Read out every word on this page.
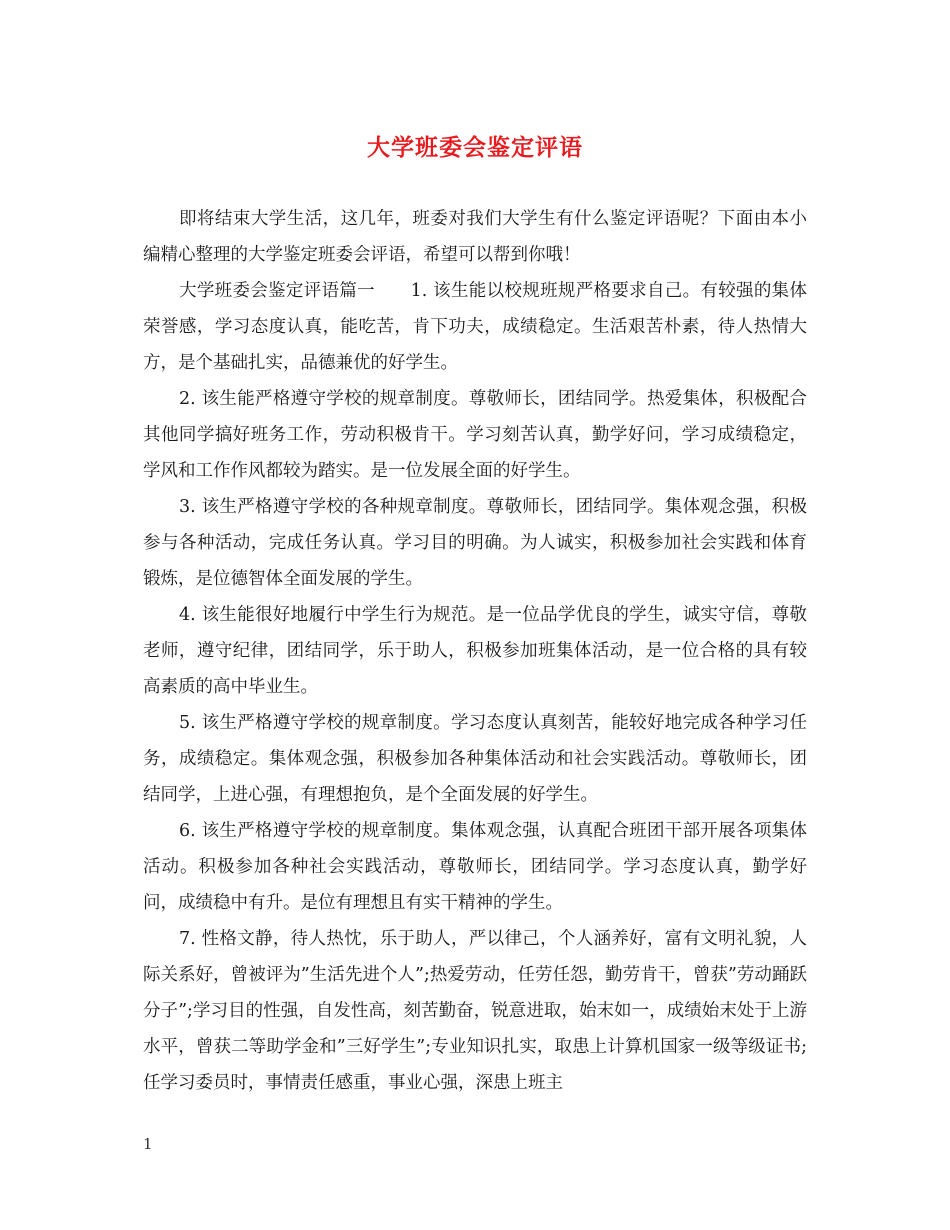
大学班委会鉴定评语

即将结束大学生活，这几年，班委对我们大学生有什么鉴定评语呢？下面由本小编精心整理的大学鉴定班委会评语，希望可以帮到你哦！

大学班委会鉴定评语篇一　　1. 该生能以校规班规严格要求自己。有较强的集体荣誉感，学习态度认真，能吃苦，肯下功夫，成绩稳定。生活艰苦朴素，待人热情大方，是个基础扎实，品德兼优的好学生。

2. 该生能严格遵守学校的规章制度。尊敬师长，团结同学。热爱集体，积极配合其他同学搞好班务工作，劳动积极肯干。学习刻苦认真，勤学好问，学习成绩稳定，学风和工作作风都较为踏实。是一位发展全面的好学生。

3. 该生严格遵守学校的各种规章制度。尊敬师长，团结同学。集体观念强，积极参与各种活动，完成任务认真。学习目的明确。为人诚实，积极参加社会实践和体育锻炼，是位德智体全面发展的学生。

4. 该生能很好地履行中学生行为规范。是一位品学优良的学生，诚实守信，尊敬老师，遵守纪律，团结同学，乐于助人，积极参加班集体活动，是一位合格的具有较高素质的高中毕业生。

5. 该生严格遵守学校的规章制度。学习态度认真刻苦，能较好地完成各种学习任务，成绩稳定。集体观念强，积极参加各种集体活动和社会实践活动。尊敬师长，团结同学，上进心强，有理想抱负，是个全面发展的好学生。

6. 该生严格遵守学校的规章制度。集体观念强，认真配合班团干部开展各项集体活动。积极参加各种社会实践活动，尊敬师长，团结同学。学习态度认真，勤学好问，成绩稳中有升。是位有理想且有实干精神的学生。

7. 性格文静，待人热忱，乐于助人，严以律己，个人涵养好，富有文明礼貌，人际关系好，曾被评为”生活先进个人”;热爱劳动，任劳任怨，勤劳肯干，曾获”劳动踊跃分子”;学习目的性强，自发性高，刻苦勤奋，锐意进取，始末如一，成绩始末处于上游水平，曾获二等助学金和”三好学生”;专业知识扎实，取患上计算机国家一级等级证书;任学习委员时，事情责任感重，事业心强，深患上班主

1
